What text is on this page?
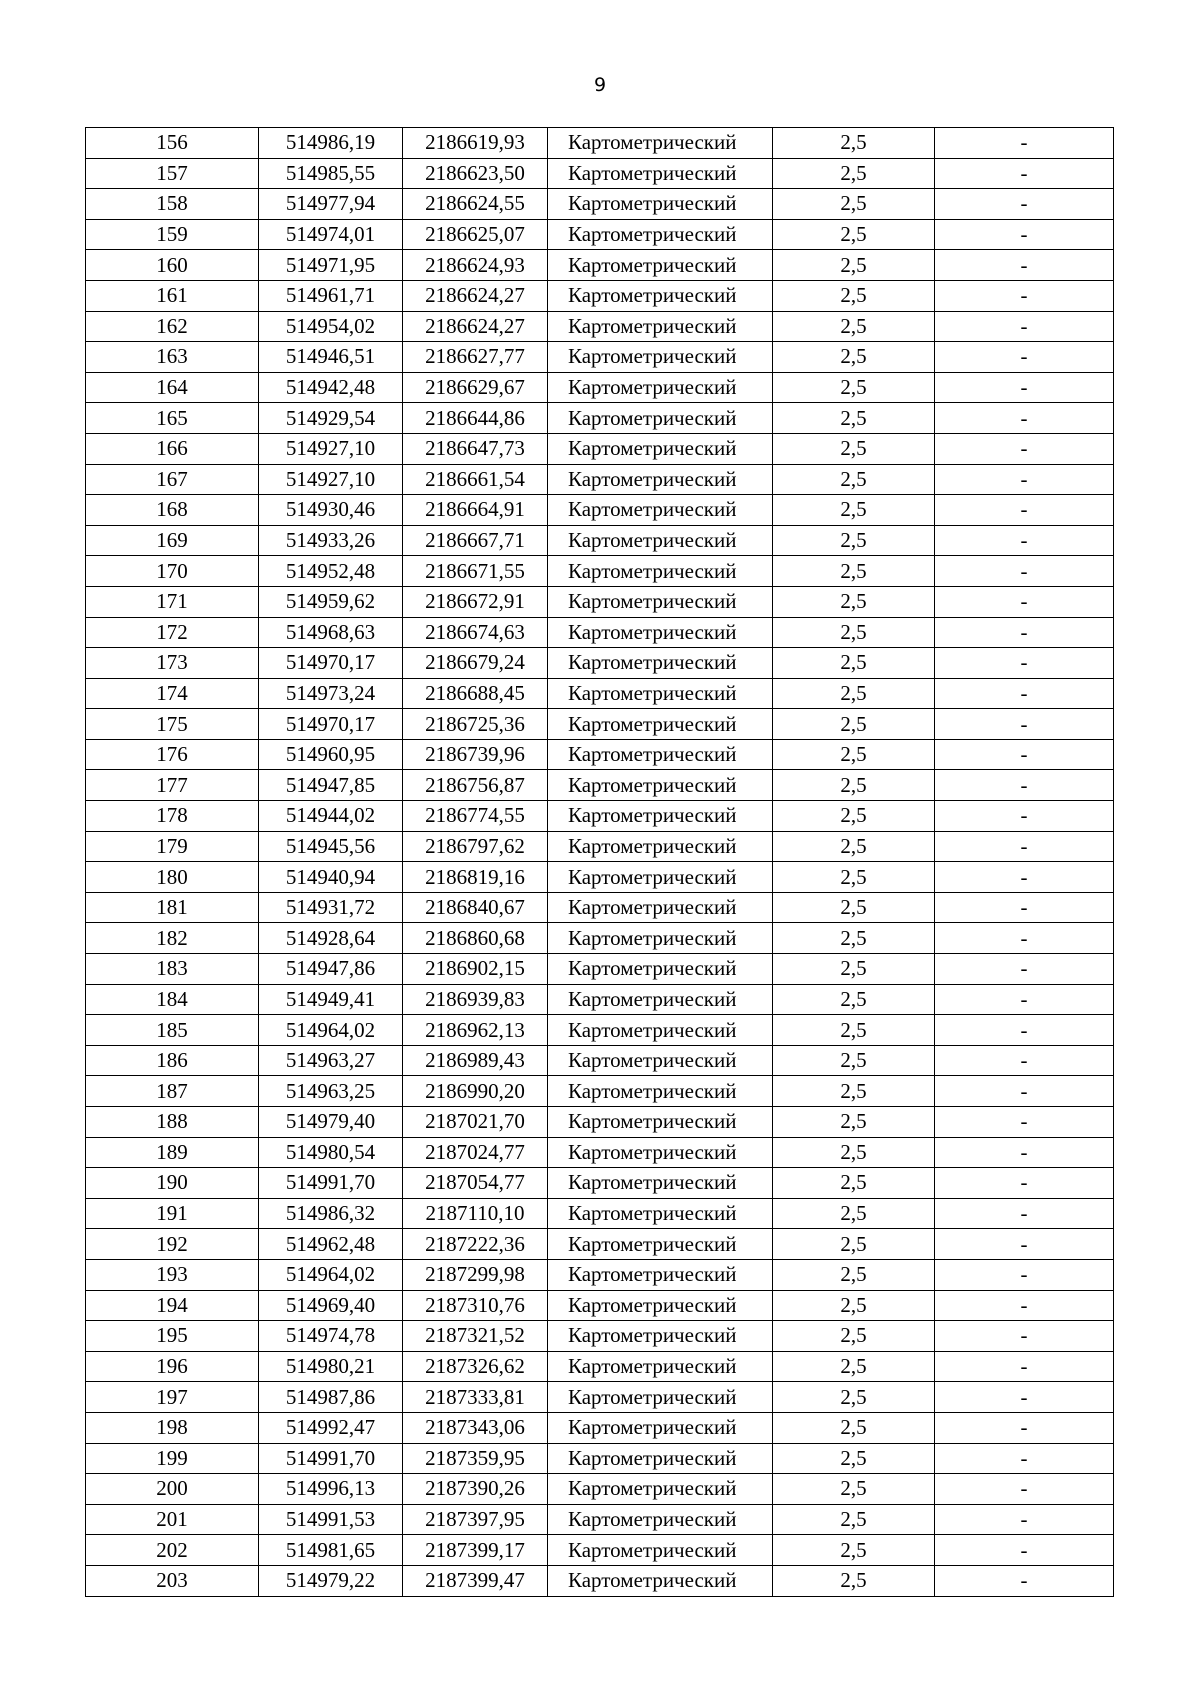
9
156	514986,19	2186619,93	Картометрический	2,5	-
157	514985,55	2186623,50	Картометрический	2,5	-
158	514977,94	2186624,55	Картометрический	2,5	-
159	514974,01	2186625,07	Картометрический	2,5	-
160	514971,95	2186624,93	Картометрический	2,5	-
161	514961,71	2186624,27	Картометрический	2,5	-
162	514954,02	2186624,27	Картометрический	2,5	-
163	514946,51	2186627,77	Картометрический	2,5	-
164	514942,48	2186629,67	Картометрический	2,5	-
165	514929,54	2186644,86	Картометрический	2,5	-
166	514927,10	2186647,73	Картометрический	2,5	-
167	514927,10	2186661,54	Картометрический	2,5	-
168	514930,46	2186664,91	Картометрический	2,5	-
169	514933,26	2186667,71	Картометрический	2,5	-
170	514952,48	2186671,55	Картометрический	2,5	-
171	514959,62	2186672,91	Картометрический	2,5	-
172	514968,63	2186674,63	Картометрический	2,5	-
173	514970,17	2186679,24	Картометрический	2,5	-
174	514973,24	2186688,45	Картометрический	2,5	-
175	514970,17	2186725,36	Картометрический	2,5	-
176	514960,95	2186739,96	Картометрический	2,5	-
177	514947,85	2186756,87	Картометрический	2,5	-
178	514944,02	2186774,55	Картометрический	2,5	-
179	514945,56	2186797,62	Картометрический	2,5	-
180	514940,94	2186819,16	Картометрический	2,5	-
181	514931,72	2186840,67	Картометрический	2,5	-
182	514928,64	2186860,68	Картометрический	2,5	-
183	514947,86	2186902,15	Картометрический	2,5	-
184	514949,41	2186939,83	Картометрический	2,5	-
185	514964,02	2186962,13	Картометрический	2,5	-
186	514963,27	2186989,43	Картометрический	2,5	-
187	514963,25	2186990,20	Картометрический	2,5	-
188	514979,40	2187021,70	Картометрический	2,5	-
189	514980,54	2187024,77	Картометрический	2,5	-
190	514991,70	2187054,77	Картометрический	2,5	-
191	514986,32	2187110,10	Картометрический	2,5	-
192	514962,48	2187222,36	Картометрический	2,5	-
193	514964,02	2187299,98	Картометрический	2,5	-
194	514969,40	2187310,76	Картометрический	2,5	-
195	514974,78	2187321,52	Картометрический	2,5	-
196	514980,21	2187326,62	Картометрический	2,5	-
197	514987,86	2187333,81	Картометрический	2,5	-
198	514992,47	2187343,06	Картометрический	2,5	-
199	514991,70	2187359,95	Картометрический	2,5	-
200	514996,13	2187390,26	Картометрический	2,5	-
201	514991,53	2187397,95	Картометрический	2,5	-
202	514981,65	2187399,17	Картометрический	2,5	-
203	514979,22	2187399,47	Картометрический	2,5	-
